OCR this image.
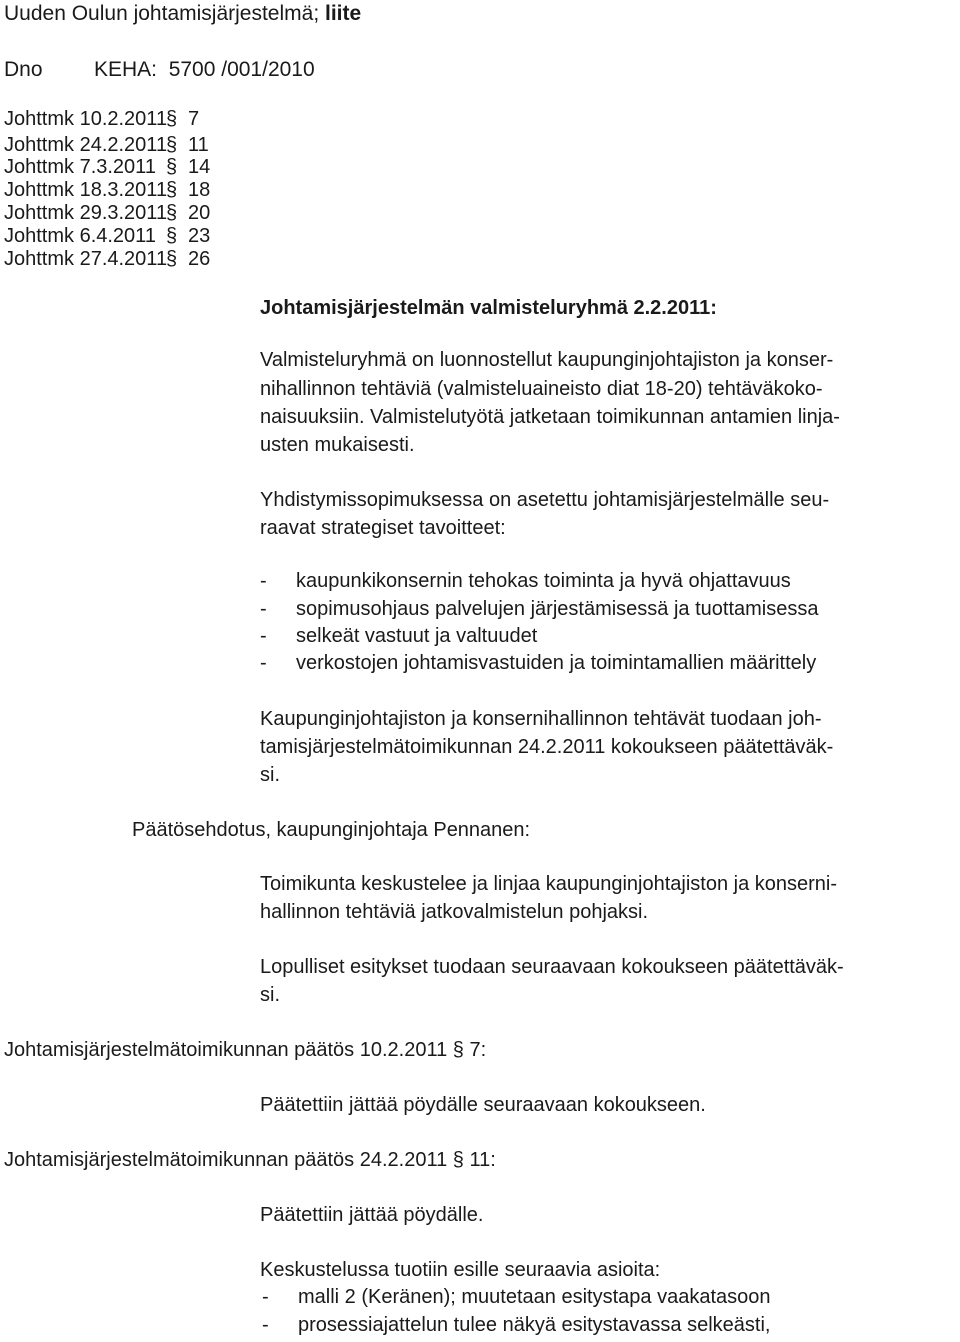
Uuden Oulun johtamisjärjestelmä; liite
Dno KEHA:  5700 /001/2010
Johttmk 10.2.2011
§ 7
Johttmk 24.2.2011
§ 11
Johttmk 7.3.2011 § 14
Johttmk 18.3.2011
§ 18
Johttmk 29.3.2011
§ 20
Johttmk 6.4.2011 § 23
Johttmk 27.4.2011
§ 26
Johtamisjärjestelmän valmisteluryhmä 2.2.2011:
Valmisteluryhmä on luonnostellut kaupunginjohtajiston ja konser-
nihallinnon tehtäviä (valmisteluaineisto diat 18-20) tehtäväkoko-
naisuuksiin. Valmistelutyötä jatketaan toimikunnan antamien linja-
usten mukaisesti.
Yhdistymissopimuksessa on asetettu johtamisjärjestelmälle seu-
raavat strategiset tavoitteet:
- kaupunkikonsernin tehokas toiminta ja hyvä ohjattavuus
- sopimusohjaus palvelujen järjestämisessä ja tuottamisessa
- selkeät vastuut ja valtuudet
- verkostojen johtamisvastuiden ja toimintamallien määrittely
Kaupunginjohtajiston ja konsernihallinnon tehtävät tuodaan joh-
tamisjärjestelmätoimikunnan 24.2.2011 kokoukseen päätettäväk-
si.
Päätösehdotus, kaupunginjohtaja Pennanen:
Toimikunta keskustelee ja linjaa kaupunginjohtajiston ja konserni-
hallinnon tehtäviä jatkovalmistelun pohjaksi.
Lopulliset esitykset tuodaan seuraavaan kokoukseen päätettäväk-
si.
Johtamisjärjestelmätoimikunnan päätös 10.2.2011 § 7:
Päätettiin jättää pöydälle seuraavaan kokoukseen.
Johtamisjärjestelmätoimikunnan päätös 24.2.2011 § 11:
Päätettiin jättää pöydälle.
Keskustelussa tuotiin esille seuraavia asioita:
- malli 2 (Keränen); muutetaan esitystapa vaakatasoon
- prosessiajattelun tulee näkyä esitystavassa selkeästi,
